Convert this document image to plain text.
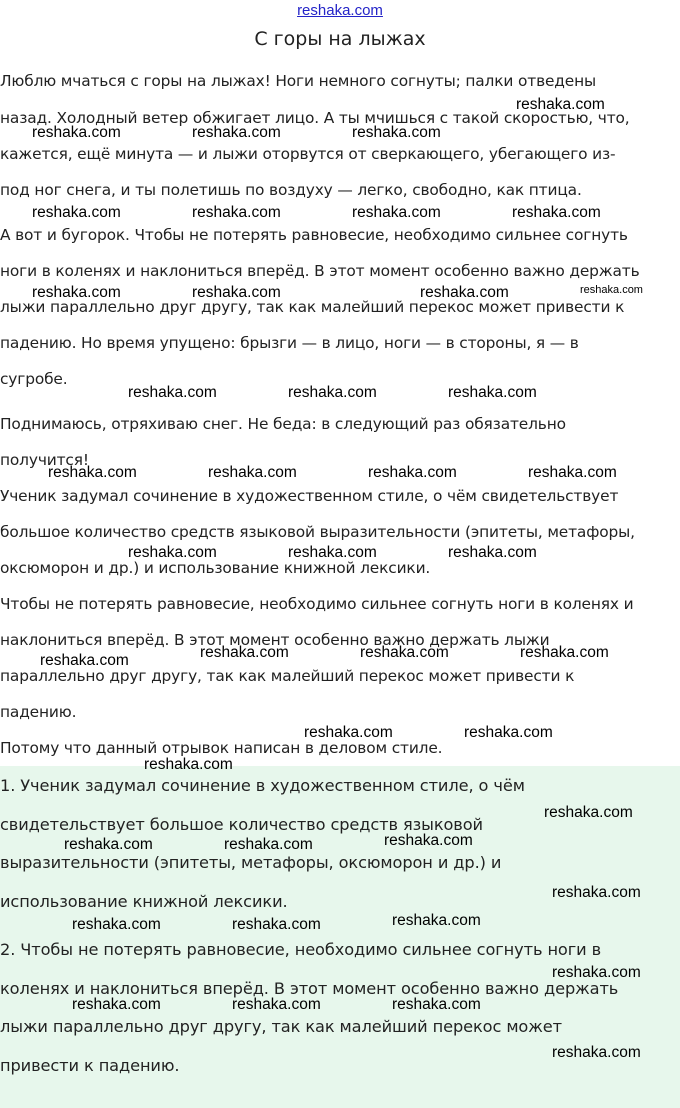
reshaka.com
С горы на лыжах
Люблю мчаться с горы на лыжах! Ноги немного согнуты; палки отведены
назад. Холодный ветер обжигает лицо. А ты мчишься с такой скоростью, что,
кажется, ещё минута — и лыжи оторвутся от сверкающего, убегающего из-
под ног снега, и ты полетишь по воздуху — легко, свободно, как птица.
А вот и бугорок. Чтобы не потерять равновесие, необходимо сильнее согнуть
ноги в коленях и наклониться вперёд. В этот момент особенно важно держать
лыжи параллельно друг другу, так как малейший перекос может привести к
падению. Но время упущено: брызги — в лицо, ноги — в стороны, я — в
сугробе.
Поднимаюсь, отряхиваю снег. Не беда: в следующий раз обязательно
получится!
Ученик задумал сочинение в художественном стиле, о чём свидетельствует
большое количество средств языковой выразительности (эпитеты, метафоры,
оксюморон и др.) и использование книжной лексики.
Чтобы не потерять равновесие, необходимо сильнее согнуть ноги в коленях и
наклониться вперёд. В этот момент особенно важно держать лыжи
параллельно друг другу, так как малейший перекос может привести к
падению.
Потому что данный отрывок написан в деловом стиле.
1. Ученик задумал сочинение в художественном стиле, о чём
свидетельствует большое количество средств языковой
выразительности (эпитеты, метафоры, оксюморон и др.) и
использование книжной лексики.
2. Чтобы не потерять равновесие, необходимо сильнее согнуть ноги в
коленях и наклониться вперёд. В этот момент особенно важно держать
лыжи параллельно друг другу, так как малейший перекос может
привести к падению.
reshaka.com
reshaka.com	reshaka.com	reshaka.com
reshaka.com	reshaka.com	reshaka.com	reshaka.com
reshaka.com	reshaka.com	reshaka.com	reshaka.com
reshaka.com	reshaka.com	reshaka.com
reshaka.com	reshaka.com	reshaka.com	reshaka.com
reshaka.com	reshaka.com	reshaka.com
reshaka.com	reshaka.com	reshaka.com
reshaka.com
reshaka.com	reshaka.com
reshaka.com
reshaka.com
reshaka.com
reshaka.com	reshaka.com
reshaka.com
reshaka.com
reshaka.com	reshaka.com
reshaka.com
reshaka.com	reshaka.com	reshaka.com
reshaka.com
